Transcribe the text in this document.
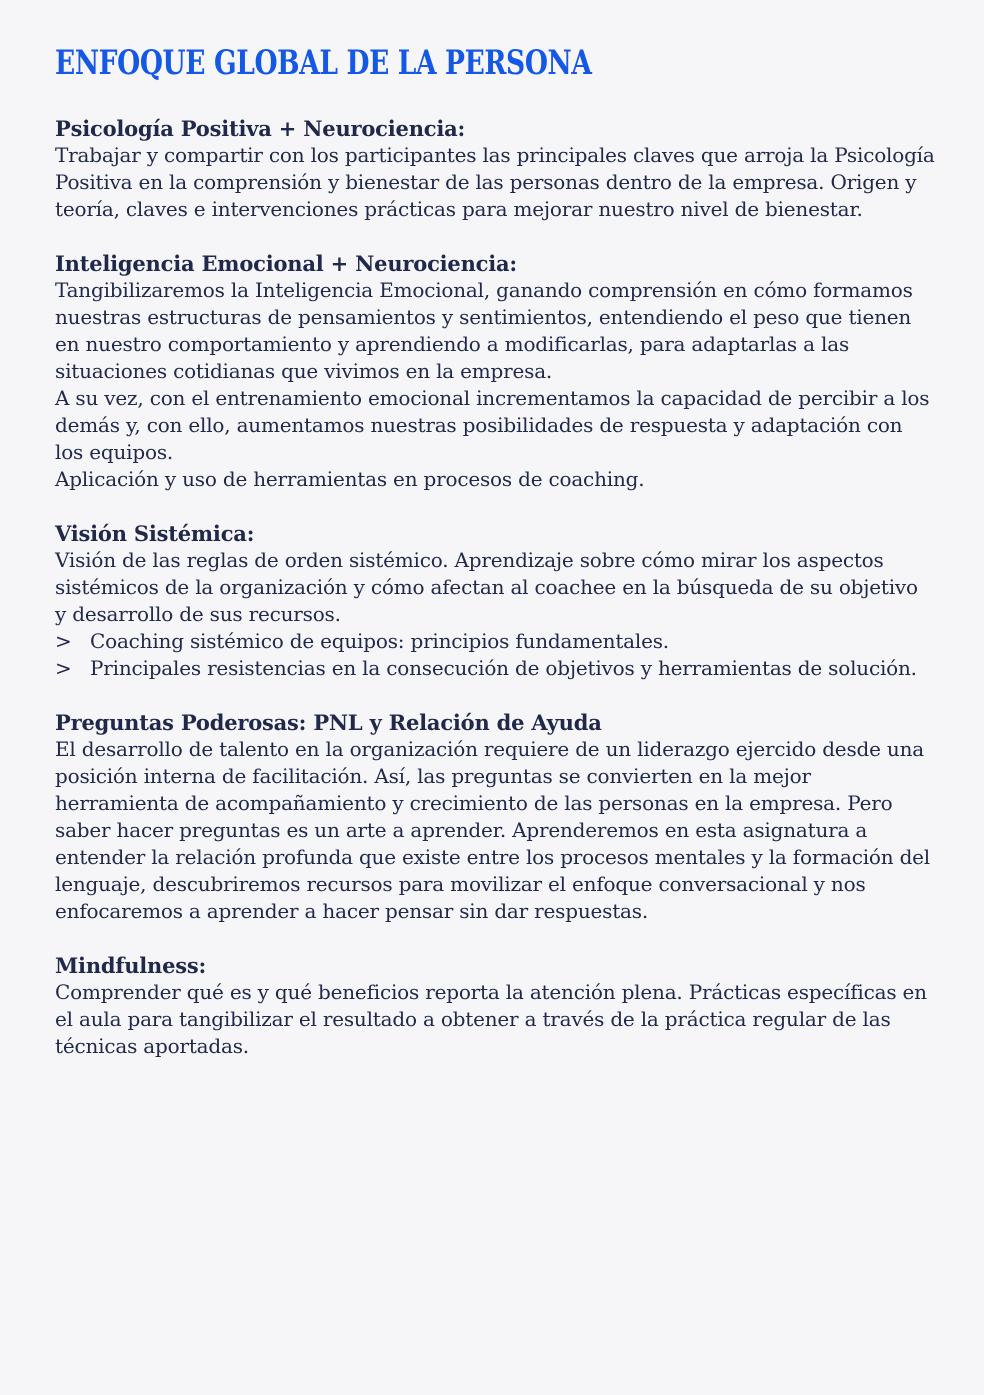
ENFOQUE GLOBAL DE LA PERSONA
Psicología Positiva + Neurociencia:

Trabajar y compartir con los participantes las principales claves que arroja la Psicología Positiva en la comprensión y bienestar de las personas dentro de la empresa. Origen y teoría, claves e intervenciones prácticas para mejorar nuestro nivel de bienestar.

Inteligencia Emocional + Neurociencia:

Tangibilizaremos la Inteligencia Emocional, ganando comprensión en cómo formamos nuestras estructuras de pensamientos y sentimientos, entendiendo el peso que tienen en nuestro comportamiento y aprendiendo a modificarlas, para adaptarlas a las situaciones cotidianas que vivimos en la empresa.

A su vez, con el entrenamiento emocional incrementamos la capacidad de percibir a los demás y, con ello, aumentamos nuestras posibilidades de respuesta y adaptación con los equipos.

Aplicación y uso de herramientas en procesos de coaching.

Visión Sistémica:

Visión de las reglas de orden sistémico. Aprendizaje sobre cómo mirar los aspectos sistémicos de la organización y cómo afectan al coachee en la búsqueda de su objetivo y desarrollo de sus recursos.

> Coaching sistémico de equipos: principios fundamentales.
> Principales resistencias en la consecución de objetivos y herramientas de solución.
Preguntas Poderosas: PNL y Relación de Ayuda

El desarrollo de talento en la organización requiere de un liderazgo ejercido desde una posición interna de facilitación. Así, las preguntas se convierten en la mejor herramienta de acompañamiento y crecimiento de las personas en la empresa. Pero saber hacer preguntas es un arte a aprender. Aprenderemos en esta asignatura a entender la relación profunda que existe entre los procesos mentales y la formación del lenguaje, descubriremos recursos para movilizar el enfoque conversacional y nos enfocaremos a aprender a hacer pensar sin dar respuestas.

Mindfulness:

Comprender qué es y qué beneficios reporta la atención plena. Prácticas específicas en el aula para tangibilizar el resultado a obtener a través de la práctica regular de las técnicas aportadas.
